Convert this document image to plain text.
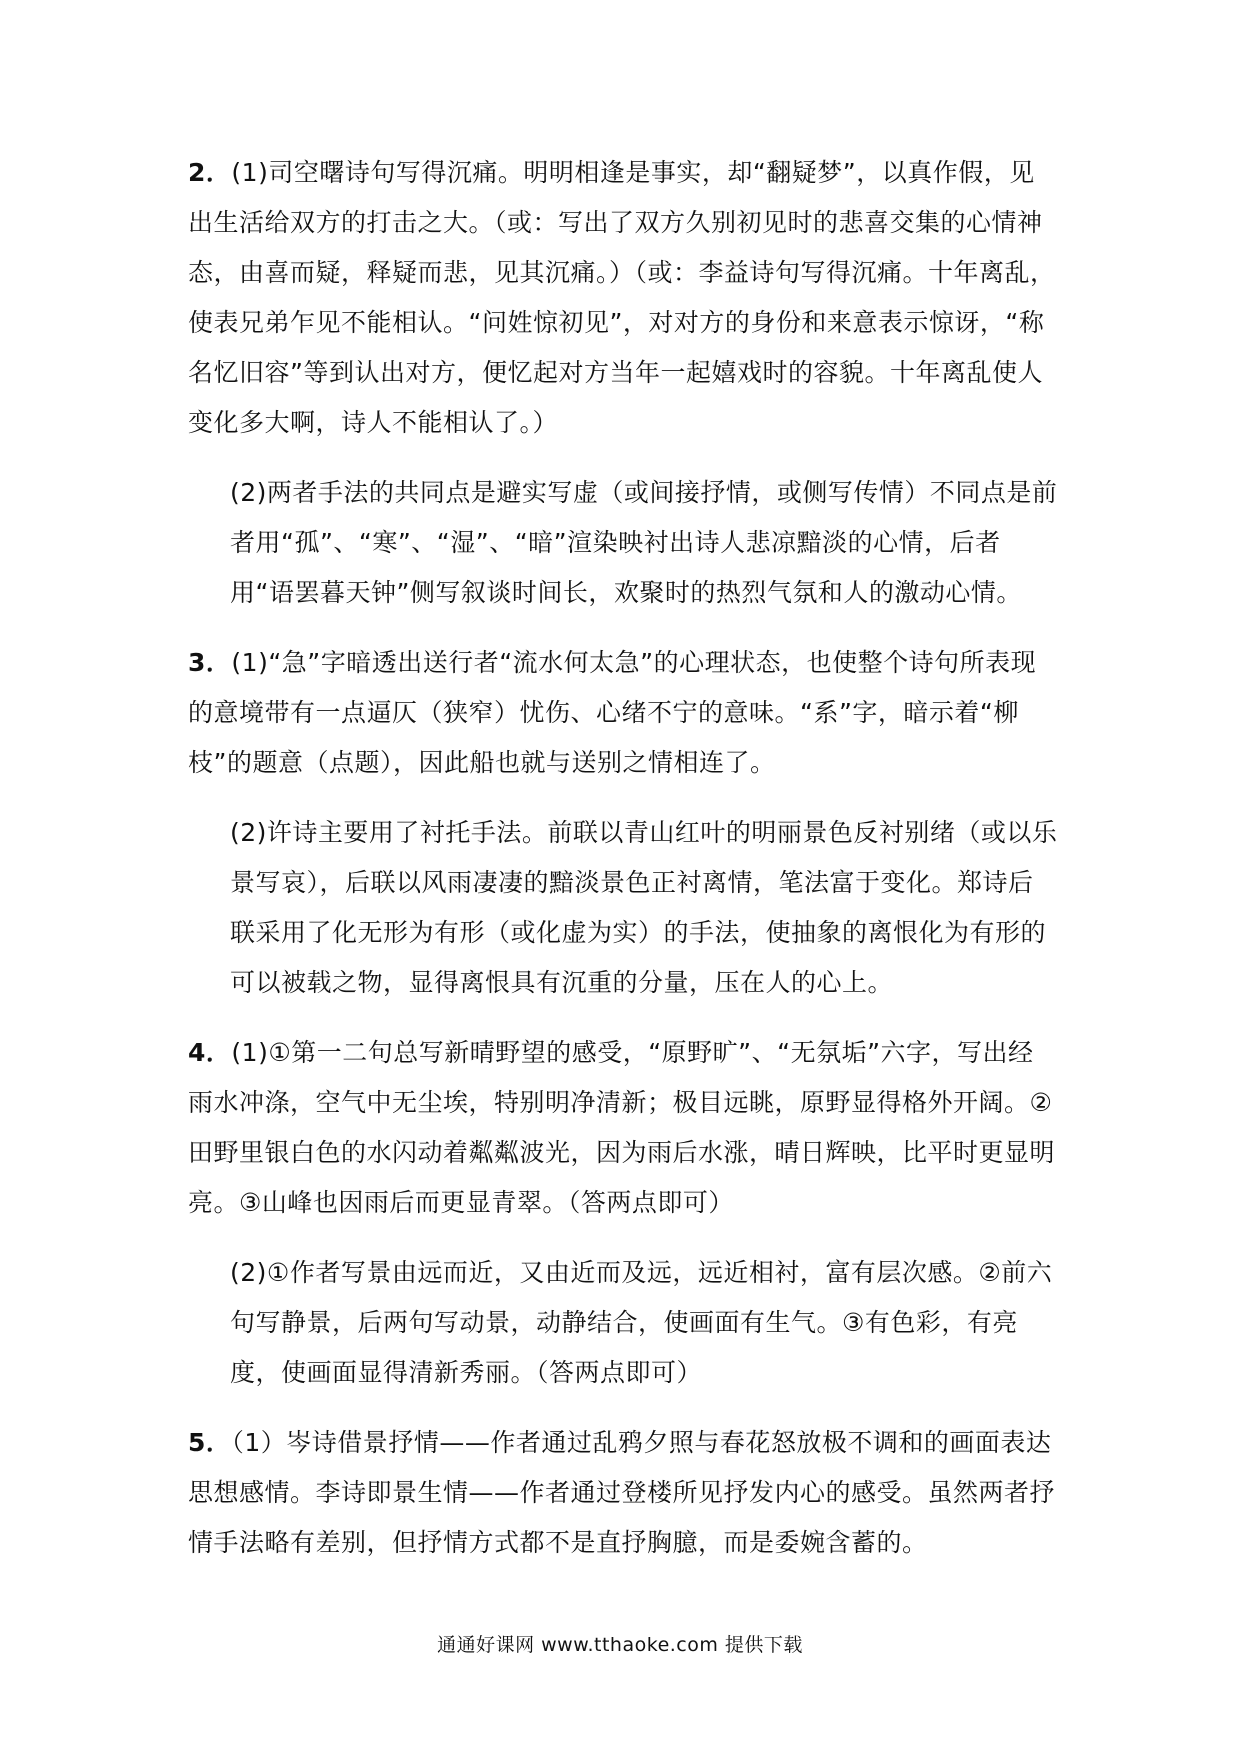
2．(1)司空曙诗句写得沉痛。明明相逢是事实，却“翻疑梦”，以真作假，见出生活给双方的打击之大。（或：写出了双方久别初见时的悲喜交集的心情神态，由喜而疑，释疑而悲，见其沉痛。）（或：李益诗句写得沉痛。十年离乱，使表兄弟乍见不能相认。“问姓惊初见”，对对方的身份和来意表示惊讶，“称名忆旧容”等到认出对方，便忆起对方当年一起嬉戏时的容貌。十年离乱使人变化多大啊，诗人不能相认了。）

(2)两者手法的共同点是避实写虚（或间接抒情，或侧写传情）不同点是前者用“孤”、“寒”、“湿”、“暗”渲染映衬出诗人悲凉黯淡的心情，后者用“语罢暮天钟”侧写叙谈时间长，欢聚时的热烈气氛和人的激动心情。

3．(1)“急”字暗透出送行者“流水何太急”的心理状态，也使整个诗句所表现的意境带有一点逼仄（狭窄）忧伤、心绪不宁的意味。“系”字，暗示着“柳枝”的题意（点题），因此船也就与送别之情相连了。

(2)许诗主要用了衬托手法。前联以青山红叶的明丽景色反衬别绪（或以乐景写哀），后联以风雨凄凄的黯淡景色正衬离情，笔法富于变化。郑诗后联采用了化无形为有形（或化虚为实）的手法，使抽象的离恨化为有形的可以被载之物，显得离恨具有沉重的分量，压在人的心上。

4．(1)①第一二句总写新晴野望的感受，“原野旷”、“无氛垢”六字，写出经雨水冲涤，空气中无尘埃，特别明净清新；极目远眺，原野显得格外开阔。②田野里银白色的水闪动着粼粼波光，因为雨后水涨，晴日辉映，比平时更显明亮。③山峰也因雨后而更显青翠。（答两点即可）

(2)①作者写景由远而近，又由近而及远，远近相衬，富有层次感。②前六句写静景，后两句写动景，动静结合，使画面有生气。③有色彩，有亮度，使画面显得清新秀丽。（答两点即可）

5．（1）岑诗借景抒情——作者通过乱鸦夕照与春花怒放极不调和的画面表达思想感情。李诗即景生情——作者通过登楼所见抒发内心的感受。虽然两者抒情手法略有差别，但抒情方式都不是直抒胸臆，而是委婉含蓄的。

通通好课网 www.tthaoke.com 提供下载
